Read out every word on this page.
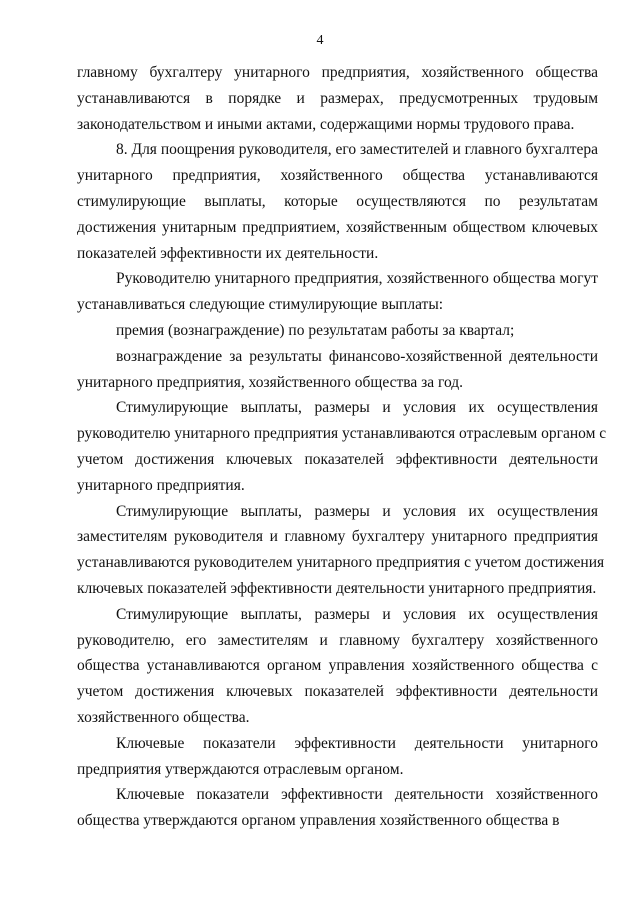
4
главному бухгалтеру унитарного предприятия, хозяйственного общества
устанавливаются в порядке и размерах, предусмотренных трудовым
законодательством и иными актами, содержащими нормы трудового права.
8. Для поощрения руководителя, его заместителей и главного бухгалтера
унитарного предприятия, хозяйственного общества устанавливаются
стимулирующие выплаты, которые осуществляются по результатам
достижения унитарным предприятием, хозяйственным обществом ключевых
показателей эффективности их деятельности.
Руководителю унитарного предприятия, хозяйственного общества могут
устанавливаться следующие стимулирующие выплаты:
премия (вознаграждение) по результатам работы за квартал;
вознаграждение за результаты финансово-хозяйственной деятельности
унитарного предприятия, хозяйственного общества за год.
Стимулирующие выплаты, размеры и условия их осуществления
руководителю унитарного предприятия устанавливаются отраслевым органом с
учетом достижения ключевых показателей эффективности деятельности
унитарного предприятия.
Стимулирующие выплаты, размеры и условия их осуществления
заместителям руководителя и главному бухгалтеру унитарного предприятия
устанавливаются руководителем унитарного предприятия с учетом достижения
ключевых показателей эффективности деятельности унитарного предприятия.
Стимулирующие выплаты, размеры и условия их осуществления
руководителю, его заместителям и главному бухгалтеру хозяйственного
общества устанавливаются органом управления хозяйственного общества с
учетом достижения ключевых показателей эффективности деятельности
хозяйственного общества.
Ключевые показатели эффективности деятельности унитарного
предприятия утверждаются отраслевым органом.
Ключевые показатели эффективности деятельности хозяйственного
общества утверждаются органом управления хозяйственного общества в
